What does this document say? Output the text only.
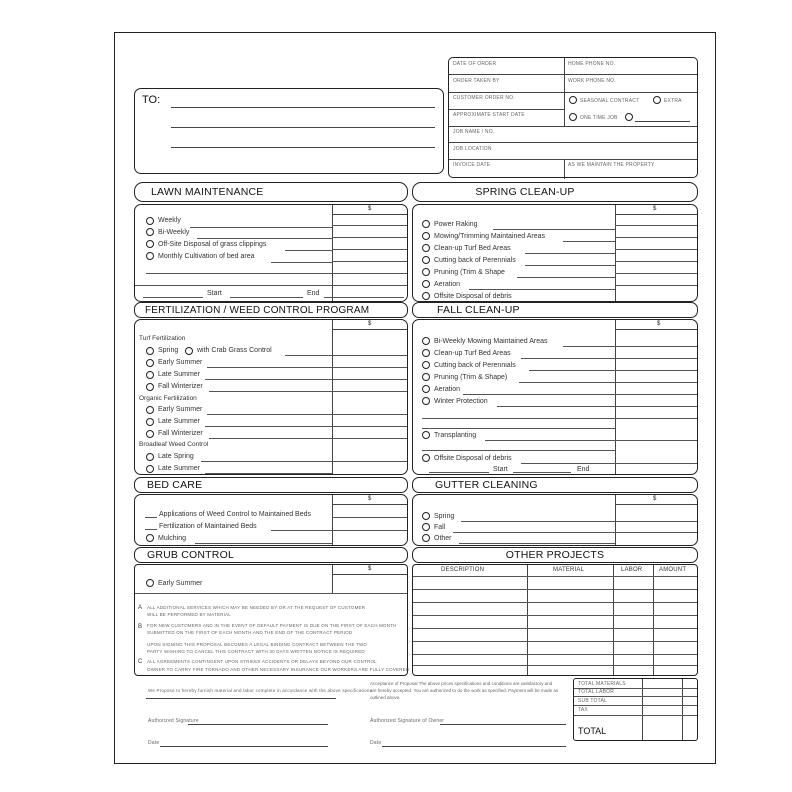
TO:
DATE OF ORDER
ORDER TAKEN BY
CUSTOMER ORDER NO.
APPROXIMATE START DATE
JOB NAME / NO.
JOB LOCATION
INVOICE DATE
HOME PHONE NO.
WORK PHONE NO.
SEASONAL CONTRACT	EXTRA
ONE TIME JOB
AS WE MAINTAIN THE PROPERTY
LAWN MAINTENANCE
$
Weekly
Bi-Weekly
Off-Site Disposal of grass clippings
Monthly Cultivation of bed area
Start	End
SPRING CLEAN-UP
$
Power Raking
Mowing/Trimming Maintained Areas
Clean-up Turf Bed Areas
Cutting back of Perennials
Pruning (Trim & Shape
Aeration
Offsite Disposal of debris
FERTILIZATION / WEED CONTROL PROGRAM
$
Turf Fertilization
Spring	with Crab Grass Control
Early Summer
Late Summer
Fall Winterizer
Organic Fertilization
Early Summer
Late Summer
Fall Winterizer
Broadleaf Weed Control
Late Spring
Late Summer
FALL CLEAN-UP
$
Bi-Weekly Mowing Maintained Areas
Clean-up Turf Bed Areas
Cutting back of Perennials
Pruning (Trim & Shape)
Aeration
Winter Protection
Transplanting
Offsite Disposal of debris
Start	End
BED CARE
$
Applications of Weed Control to Maintained Beds
Fertilization of Maintained Beds
Mulching
GUTTER CLEANING
$
Spring
Fall
Other
GRUB CONTROL
$
Early Summer
A ALL ADDITIONAL SERVICES WHICH MAY BE NEEDED BY OR AT THE REQUEST OF CUSTOMER
WILL BE PERFORMED BY MATERIAL
B FOR NEW CUSTOMERS AND IN THE EVENT OF DEFAULT PAYMENT IS DUE ON THE FIRST OF EACH MONTH
SUBMITTED ON THE FIRST OF EACH MONTH AND THE END OF THE CONTRACT PERIOD
UPON SIGNING THIS PROPOSAL BECOMES A LEGAL BINDING CONTRACT BETWEEN THE TWO
PARTY WISHING TO CANCEL THIS CONTRACT WITH 30 DAYS WRITTEN NOTICE IS REQUIRED
C ALL AGREEMENTS CONTINGENT UPON STRIKES ACCIDENTS OR DELAYS BEYOND OUR CONTROL
OWNER TO CARRY FIRE TORNADO AND OTHER NECESSARY INSURANCE OUR WORKERS ARE FULLY COVERED
OTHER PROJECTS
DESCRIPTION	MATERIAL	LABOR	AMOUNT
We Propose to hereby furnish material and labor complete in accordance with the above specifications
Authorized Signature
Date
Acceptance of Proposal The above prices specifications and conditions are satisfactory and are hereby accepted. You are authorized to do the work as specified. Payment will be made as outlined above.
Authorized Signature of Owner
Date
TOTAL MATERIALS
TOTAL LABOR
SUB TOTAL
TAX
TOTAL
